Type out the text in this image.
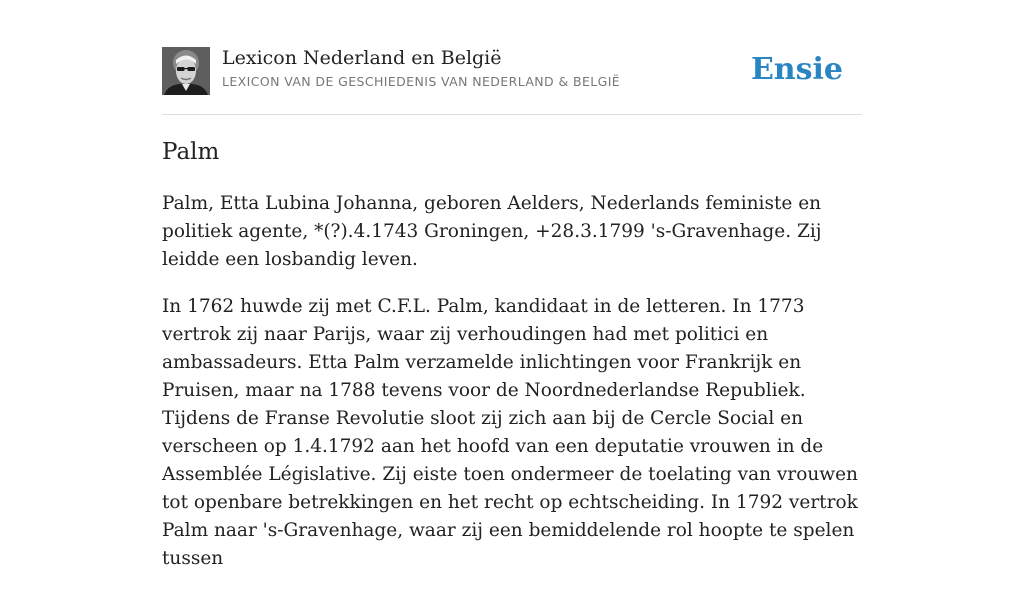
Lexicon Nederland en België
LEXICON VAN DE GESCHIEDENIS VAN NEDERLAND & BELGIË	Ensie
Palm

Palm, Etta Lubina Johanna, geboren Aelders, Nederlands feministe en politiek agente, *(?).4.1743 Groningen, +28.3.1799 's-Gravenhage. Zij leidde een losbandig leven.

In 1762 huwde zij met C.F.L. Palm, kandidaat in de letteren. In 1773 vertrok zij naar Parijs, waar zij verhoudingen had met politici en ambassadeurs. Etta Palm verzamelde inlichtingen voor Frankrijk en Pruisen, maar na 1788 tevens voor de Noordnederlandse Republiek. Tijdens de Franse Revolutie sloot zij zich aan bij de Cercle Social en verscheen op 1.4.1792 aan het hoofd van een deputatie vrouwen in de Assemblée Législative. Zij eiste toen ondermeer de toelating van vrouwen tot openbare betrekkingen en het recht op echtscheiding. In 1792 vertrok Palm naar 's-Gravenhage, waar zij een bemiddelende rol hoopte te spelen tussen
